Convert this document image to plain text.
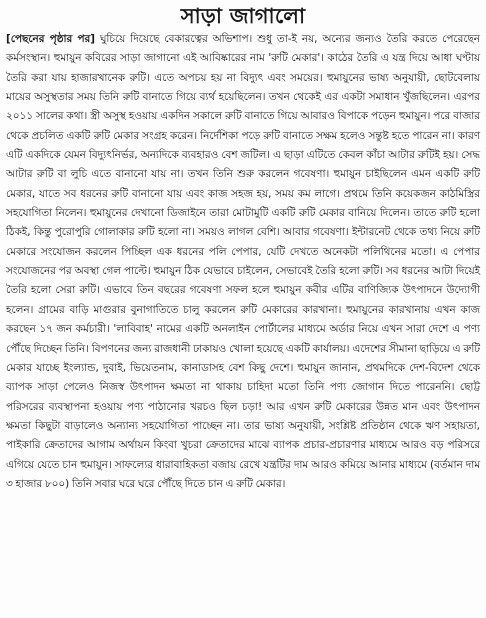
সাড়া জাগালো

[পেছনের পৃষ্ঠার পর] ঘুচিয়ে দিয়েছে বেকারত্বের অভিশাপ। শুধু তা-ই নয়, অন্যের জন্যও তৈরি করতে পেরেছেন কর্মসংস্থান। হুমায়ুন কবিরের সাড়া জাগানো এই আবিষ্কারের নাম 'রুটি মেকার'। কাঠের তৈরি এ যন্ত্র দিয়ে আধা ঘণ্টায় তৈরি করা যায় হাজারখানেক রুটি। এতে অপচয় হয় না বিদ্যুৎ এবং সময়ের। হুমায়ুনের ভাষ্য অনুযায়ী, ছোটবেলায় মায়ের অসুস্থতার সময় তিনি রুটি বানাতে গিয়ে ব্যর্থ হয়েছিলেন। তখন থেকেই এর একটা সমাধান খুঁজছিলেন। এরপর ২০১১ সালের কথা। স্ত্রী অসুস্থ হওয়ায় একদিন সকালে রুটি বানাতে গিয়ে আবারও বিপাকে পড়েন হুমায়ুন। পরে বাজার থেকে প্রচলিত একটি রুটি মেকার সংগ্রহ করেন। নির্দেশিকা পড়ে রুটি বানাতে সক্ষম হলেও সন্তুষ্ট হতে পারেন না। কারণ এটি একদিকে যেমন বিদ্যুৎনির্ভর, অন্যদিকে ব্যবহারও বেশ জটিল। এ ছাড়া এটিতে কেবল কাঁচা আটার রুটিই হয়। সেদ্ধ আটার রুটি বা লুচি এতে বানানো যায় না। তখন তিনি শুরু করলেন গবেষণা। হুমায়ুন চাইছিলেন এমন একটি রুটি মেকার, যাতে সব ধরনের রুটি বানানো যায় এবং কাজ সহজ হয়, সময় কম লাগে। প্রথমে তিনি কয়েকজন কাঠমিস্ত্রির সহযোগিতা নিলেন। হুমায়ুনের দেখানো ডিজাইনে তারা মোটামুটি একটি রুটি মেকার বানিয়ে দিলেন। তাতে রুটি হলো ঠিকই, কিন্তু পুরোপুরি গোলাকার রুটি হলো না। সময়ও লাগল বেশি। আবার গবেষণা। ইন্টারনেট থেকে তথ্য নিয়ে রুটি মেকারে সংযোজন করলেন পিচ্ছিল এক ধরনের পলি পেপার, যেটি দেখতে অনেকটা পলিথিনের মতো। এ পেপার সংযোজনের পর অবস্থা গেল পাল্টে। হুমায়ুন ঠিক যেভাবে চাইলেন, সেভাবেই তৈরি হলো রুটি। সব ধরনের আটা দিয়েই তৈরি হলো সেরা রুটি। এভাবে তিন বছরের গবেষণা সফল হলে হুমায়ুন কবীর এটির বাণিজ্যিক উৎপাদনে উদ্যোগী হলেন। গ্রামের বাড়ি মাগুরার বুনাগাতিতে চালু করলেন রুটি মেকারের কারখানা। হুমায়ুনের কারখানায় এখন কাজ করছেন ১৭ জন কর্মচারী। 'লাবিবাহ' নামের একটি অনলাইন পোর্টালের মাধ্যমে অর্ডার নিয়ে এখন সারা দেশে এ পণ্য পৌঁছে দিচ্ছেন তিনি। বিপণনের জন্য রাজধানী ঢাকায়ও খোলা হয়েছে একটি কার্যালয়। এদেশের সীমানা ছাড়িয়ে এ রুটি মেকার যাচ্ছে ইংল্যান্ড, দুবাই, ভিয়েতনাম, কানাডাসহ বেশ কিছু দেশে। হুমায়ুন জানান, প্রথমদিকে দেশ-বিদেশ থেকে ব্যাপক সাড়া পেলেও নিজস্ব উৎপাদন ক্ষমতা না থাকায় চাহিদা মতো তিনি পণ্য জোগান দিতে পারেননি। ছোট্ট পরিসরের ব্যবস্থাপনা হওয়ায় পণ্য পাঠানোর খরচও ছিল চড়া! আর এখন রুটি মেকারের উন্নত মান এবং উৎপাদন ক্ষমতা কিছুটা বাড়ালেও অন্যান্য সহযোগিতা পাচ্ছেন না। তার ভাষ্য অনুযায়ী, সংশ্লিষ্ট প্রতিষ্ঠান থেকে ঋণ সহায়তা, পাইকারি ক্রেতাদের আগাম অর্থায়ন কিংবা খুচরা ক্রেতাদের মাঝে ব্যাপক প্রচার-প্রচারণার মাধ্যমে আরও বড় পরিসরে এগিয়ে যেতে চান হুমায়ুন। সাফল্যের ধারাবাহিকতা বজায় রেখে যন্ত্রটির দাম আরও কমিয়ে আনার মাধ্যমে (বর্তমান দাম ৩ হাজার ৮০০) তিনি সবার ঘরে ঘরে পৌঁছে দিতে চান এ রুটি মেকার।
